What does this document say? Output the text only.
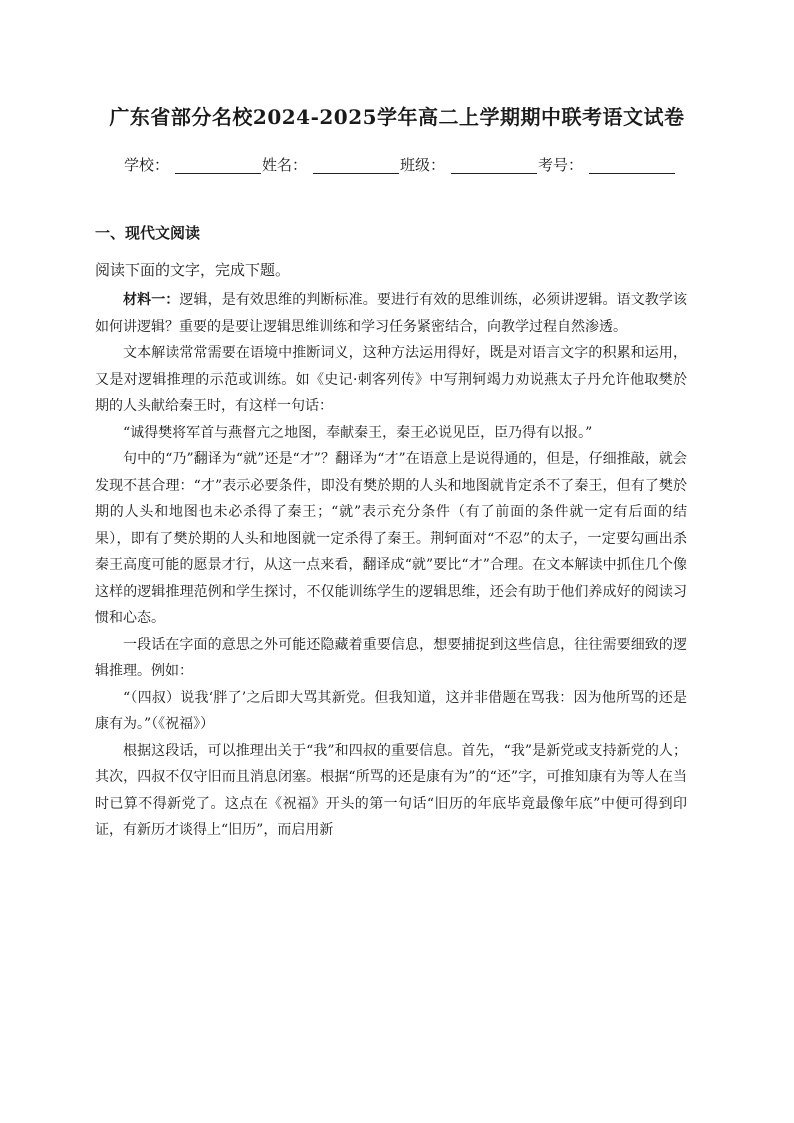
广东省部分名校2024-2025学年高二上学期期中联考语文试卷
学校：	姓名：	班级：	考号：
一、现代文阅读
阅读下面的文字，完成下题。

材料一：逻辑，是有效思维的判断标准。要进行有效的思维训练，必须讲逻辑。语文教学该如何讲逻辑？重要的是要让逻辑思维训练和学习任务紧密结合，向教学过程自然渗透。

文本解读常常需要在语境中推断词义，这种方法运用得好，既是对语言文字的积累和运用，又是对逻辑推理的示范或训练。如《史记·刺客列传》中写荆轲竭力劝说燕太子丹允许他取樊於期的人头献给秦王时，有这样一句话：

“诚得樊将军首与燕督亢之地图，奉献秦王，秦王必说见臣，臣乃得有以报。”

句中的“乃”翻译为“就”还是“才”？翻译为“才”在语意上是说得通的，但是，仔细推敲，就会发现不甚合理：“才”表示必要条件，即没有樊於期的人头和地图就肯定杀不了秦王，但有了樊於期的人头和地图也未必杀得了秦王；“就”表示充分条件（有了前面的条件就一定有后面的结果），即有了樊於期的人头和地图就一定杀得了秦王。荆轲面对“不忍”的太子，一定要勾画出杀秦王高度可能的愿景才行，从这一点来看，翻译成“就”要比“才”合理。在文本解读中抓住几个像这样的逻辑推理范例和学生探讨，不仅能训练学生的逻辑思维，还会有助于他们养成好的阅读习惯和心态。

一段话在字面的意思之外可能还隐藏着重要信息，想要捕捉到这些信息，往往需要细致的逻辑推理。例如：

“（四叔）说我‘胖了’之后即大骂其新党。但我知道，这并非借题在骂我：因为他所骂的还是康有为。”（《祝福》）

根据这段话，可以推理出关于“我”和四叔的重要信息。首先，“我”是新党或支持新党的人；其次，四叔不仅守旧而且消息闭塞。根据“所骂的还是康有为”的“还”字，可推知康有为等人在当时已算不得新党了。这点在《祝福》开头的第一句话“旧历的年底毕竟最像年底”中便可得到印证，有新历才谈得上“旧历”，而启用新
